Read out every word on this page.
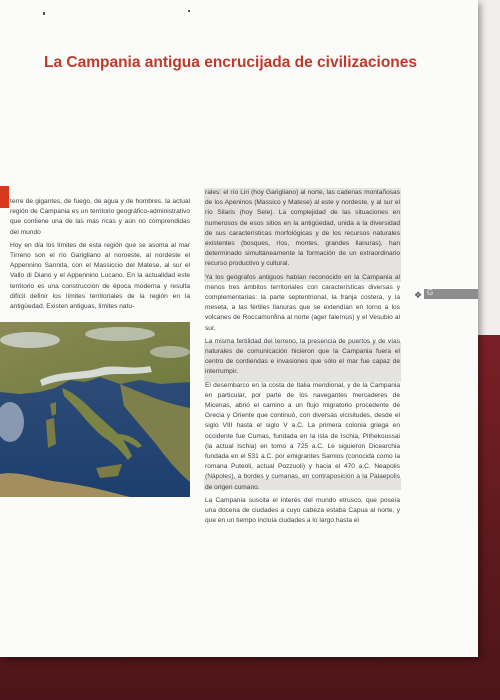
La Campania antigua encrucijada de civilizaciones

terre de gigantes, de fuego, de agua y de hombres. la actual región de Campania es un territorio geográfico-administrativo que contiene una de las más ricas y aún no comprendidas del mundo

Hoy en día los límites de esta región que se asoma al mar Tirreno son el río Garigliano al noroeste, al nordeste el Appennino Sannita, con el Massiccio del Matese, al sur el Vallo di Diano y el Appennino Lucano. En la actualidad este territorio es una construcción de época moderna y resulta difícil definir los límites territoriales de la región en la antigüedad. Existen antiguas, límites natu-

rales: el río Liri (hoy Garigliano) al norte, las cadenas montañosas de los Apeninos (Massico y Matese) al este y nordeste, y al sur el río Silaris (hoy Sele). La complejidad de las situaciones en numerosos de esos sitios en la antigüedad, unida a la diversidad de sus características morfológicas y de los recursos naturales existentes (bosques, ríos, montes, grandes llanuras), han determinado simultáneamente la formación de un extraordinario recurso productivo y cultural.

Ya los geógrafos antiguos habían reconocido en la Campania al menos tres ámbitos territoriales con características diversas y complementarias: la parte septentrional, la franja costera, y la meseta, a las fértiles llanuras que se extendían en torno a los volcanes de Roccamonfina al norte (ager falernus) y el Vesubio al sur.

La misma fertilidad del terreno, la presencia de puertos y de vías naturales de comunicación hicieron que la Campania fuera el centro de contiendas e invasiones que sólo el mar fue capaz de interrumpir.

El desembarco en la costa de Italia meridional, y de la Campania en particular, por parte de los navegantes mercaderes de Micenas, abrió el camino a un flujo migratorio procedente de Grecia y Oriente que continuó, con diversas vicisitudes, desde el siglo VIII hasta el siglo V a.C. La primera colonia griega en occidente fue Cumas, fundada en la isla de Ischia, Pithekoussai (la actual Ischia) en torno a 725 a.C. Le siguieron Dicearchia fundada en el 531 a.C. por emigrantes Samios (conocida como la romana Puteoli, actual Pozzuoli) y hacia el 470 a.C. Neapolis (Nápoles), a bordes y cumanas, en contraposición a la Palaepolis de origen cumano.

La Campania suscita el interés del mundo etrusco, que poseía una docena de ciudades a cuyo cabeza estaba Capua al norte, y que en un tiempo incluía ciudades a lo largo hasta el

❖ G
